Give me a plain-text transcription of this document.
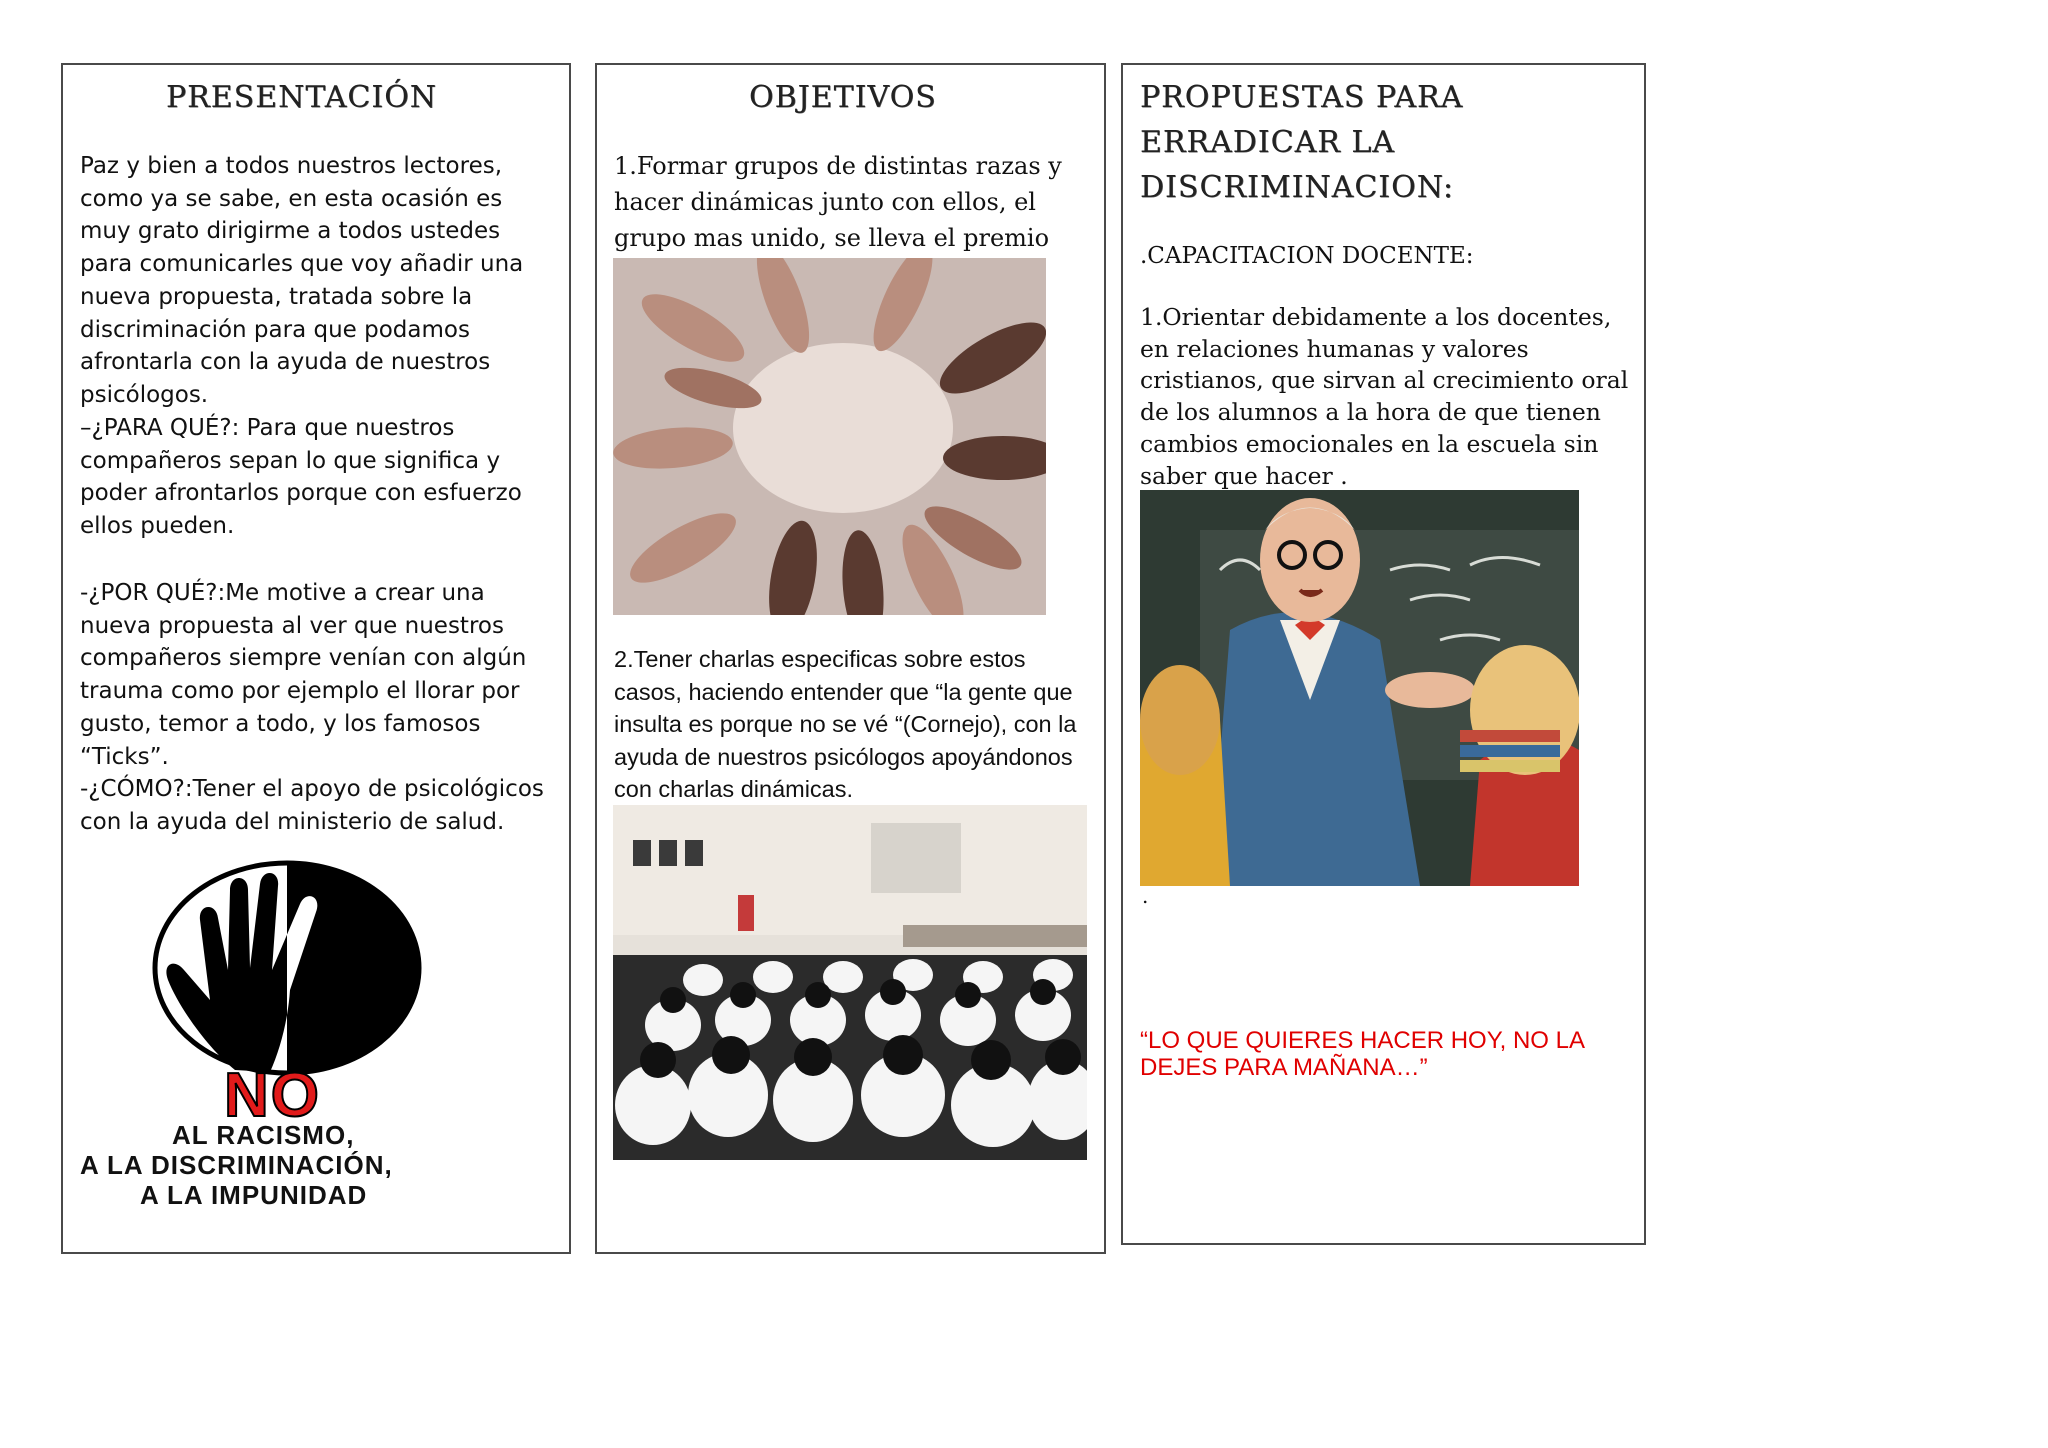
PRESENTACIÓN

Paz y bien a todos nuestros lectores, como ya se sabe, en esta ocasión es muy grato dirigirme a todos ustedes para comunicarles que voy añadir una nueva propuesta, tratada sobre la discriminación para que podamos afrontarla con la ayuda de nuestros psicólogos.

–¿PARA QUÉ?: Para que nuestros compañeros sepan lo que significa y poder afrontarlos porque con esfuerzo ellos pueden.

-¿POR QUÉ?:Me motive a crear una nueva propuesta al ver que nuestros compañeros siempre venían con algún trauma como por ejemplo el llorar por gusto, temor a todo, y los famosos “Ticks”.

-¿CÓMO?:Tener el apoyo de psicológicos con la ayuda del ministerio de salud.

NO
AL RACISMO,
A LA DISCRIMINACIÓN,
A LA IMPUNIDAD
OBJETIVOS

1.Formar grupos de distintas razas y hacer dinámicas junto con ellos, el grupo mas unido, se lleva el premio

2.Tener charlas especificas sobre estos casos, haciendo entender que “la gente que insulta es porque no se vé “(Cornejo), con la ayuda de nuestros psicólogos apoyándonos con charlas dinámicas.

PROPUESTAS PARA
ERRADICAR LA
DISCRIMINACION:

.CAPACITACION DOCENTE:

1.Orientar debidamente a los docentes, en relaciones humanas y valores cristianos, que sirvan al crecimiento oral de los alumnos a la hora de que tienen cambios emocionales en la escuela sin saber que hacer .

.

“LO QUE QUIERES HACER HOY, NO LA DEJES PARA MAÑANA…”
